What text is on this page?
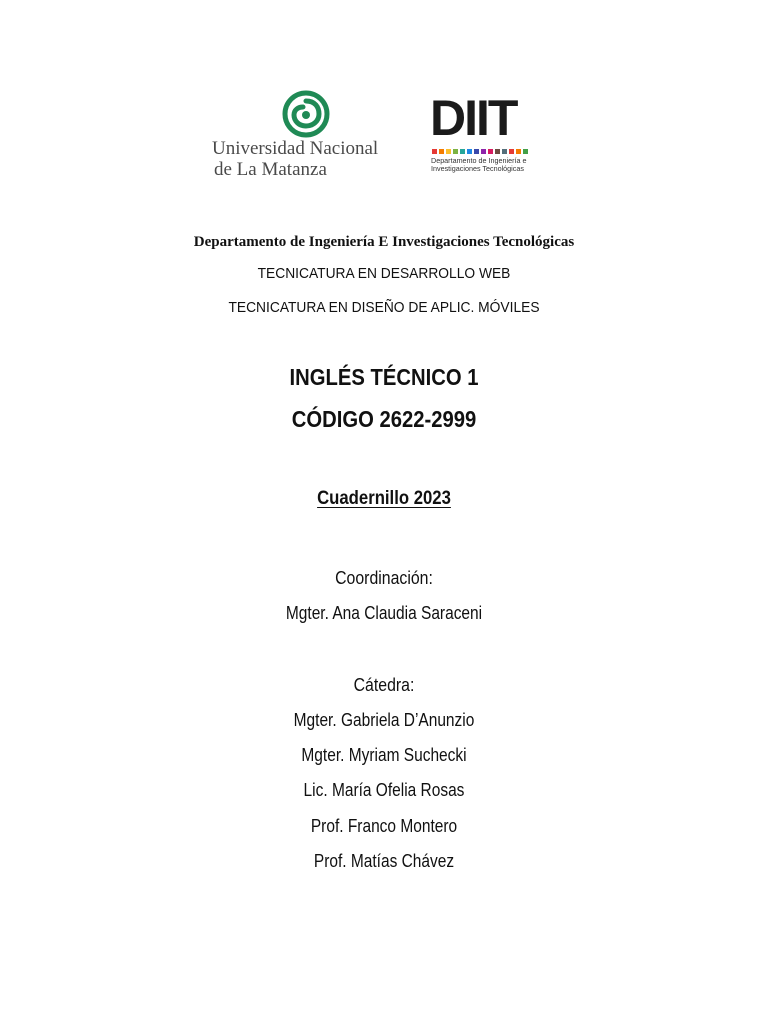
Universidad Nacional
de La Matanza
DIIT
Departamento de Ingeniería e
Investigaciones Tecnológicas
Departamento de Ingeniería E Investigaciones Tecnológicas
TECNICATURA EN DESARROLLO WEB
TECNICATURA EN DISEÑO DE APLIC. MÓVILES
INGLÉS TÉCNICO 1
CÓDIGO 2622-2999
Cuadernillo 2023
Coordinación:
Mgter. Ana Claudia Saraceni
Cátedra:
Mgter. Gabriela D’Anunzio
Mgter. Myriam Suchecki
Lic. María Ofelia Rosas
Prof. Franco Montero
Prof. Matías Chávez
